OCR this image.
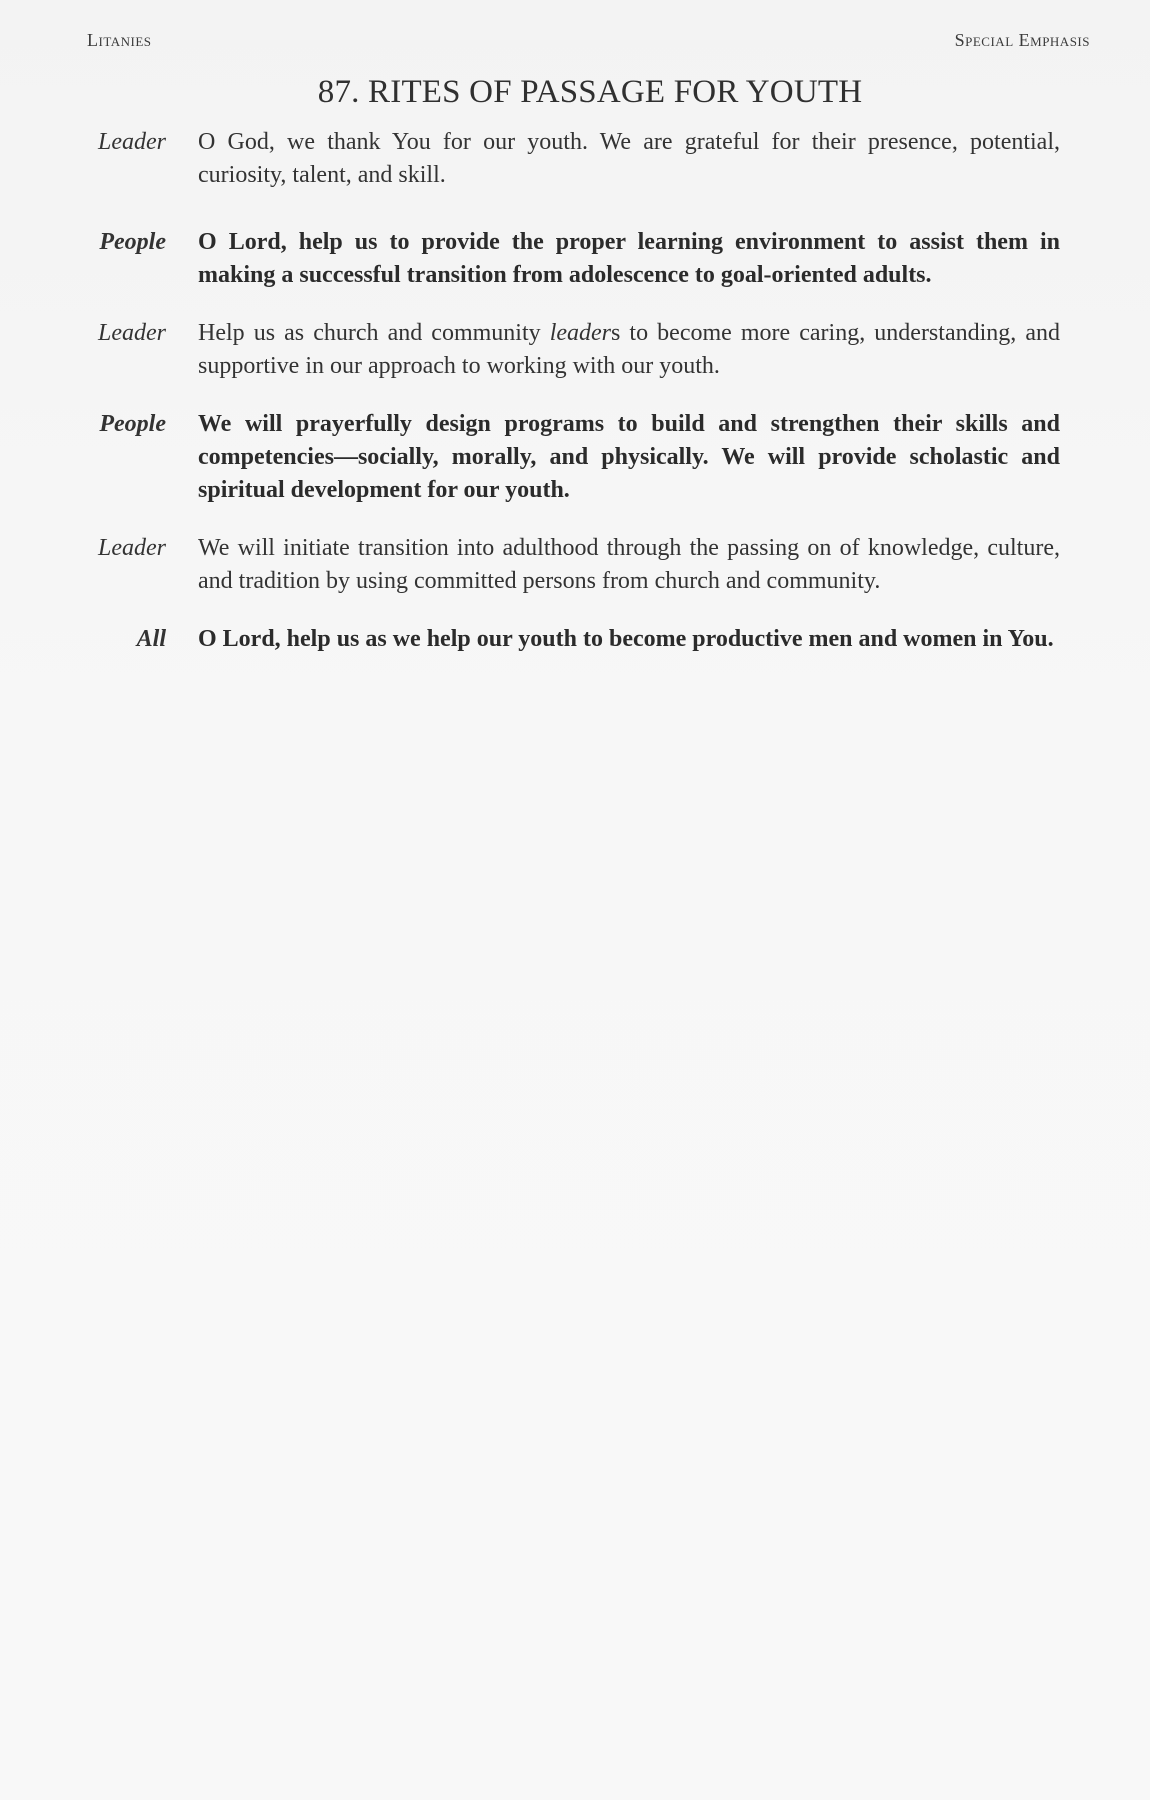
Litanies	Special Emphasis
87. RITES OF PASSAGE FOR YOUTH
Leader	O God, we thank You for our youth. We are grateful for their presence, potential, curiosity, talent, and skill.
People	O Lord, help us to provide the proper learning environment to assist them in making a successful transition from adolescence to goal-oriented adults.
Leader	Help us as church and community leaders to become more caring, understanding, and supportive in our approach to working with our youth.
People	We will prayerfully design programs to build and strengthen their skills and competencies—socially, morally, and physically. We will provide scholastic and spiritual development for our youth.
Leader	We will initiate transition into adulthood through the passing on of knowledge, culture, and tradition by using committed persons from church and community.
All	O Lord, help us as we help our youth to become productive men and women in You.
